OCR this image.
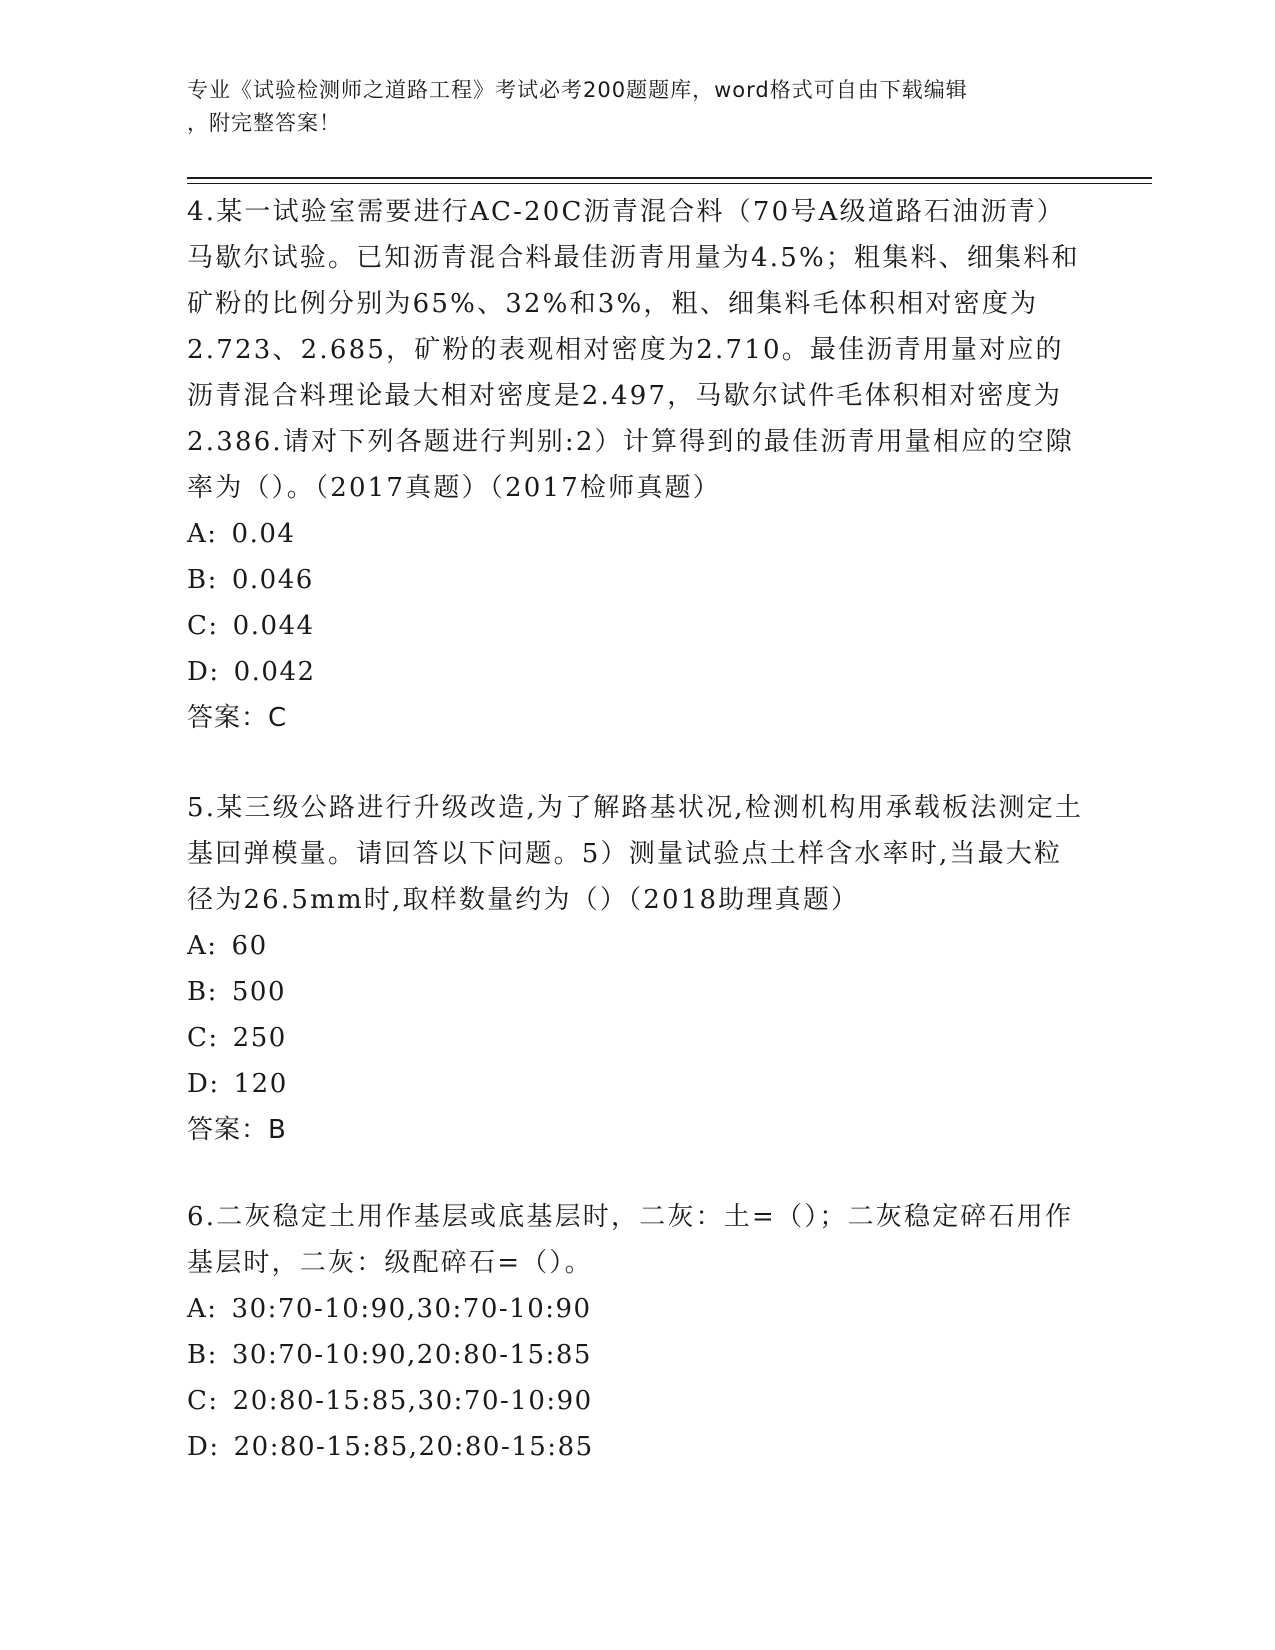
专业《试验检测师之道路工程》考试必考200题题库，word格式可自由下载编辑
，附完整答案！
4.某一试验室需要进行AC-20C沥青混合料（70号A级道路石油沥青）马歇尔试验。已知沥青混合料最佳沥青用量为4.5%；粗集料、细集料和矿粉的比例分别为65%、32%和3%，粗、细集料毛体积相对密度为2.723、2.685，矿粉的表观相对密度为2.710。最佳沥青用量对应的沥青混合料理论最大相对密度是2.497，马歇尔试件毛体积相对密度为2.386.请对下列各题进行判别:2）计算得到的最佳沥青用量相应的空隙率为（）。（2017真题）（2017检师真题）
A: 0.04
B: 0.046
C: 0.044
D: 0.042
答案：C
5.某三级公路进行升级改造,为了解路基状况,检测机构用承载板法测定土基回弹模量。请回答以下问题。5）测量试验点土样含水率时,当最大粒径为26.5mm时,取样数量约为（）（2018助理真题）
A: 60
B: 500
C: 250
D: 120
答案：B
6.二灰稳定土用作基层或底基层时，二灰：土=（）；二灰稳定碎石用作基层时，二灰：级配碎石=（）。
A: 30:70-10:90,30:70-10:90
B: 30:70-10:90,20:80-15:85
C: 20:80-15:85,30:70-10:90
D: 20:80-15:85,20:80-15:85
